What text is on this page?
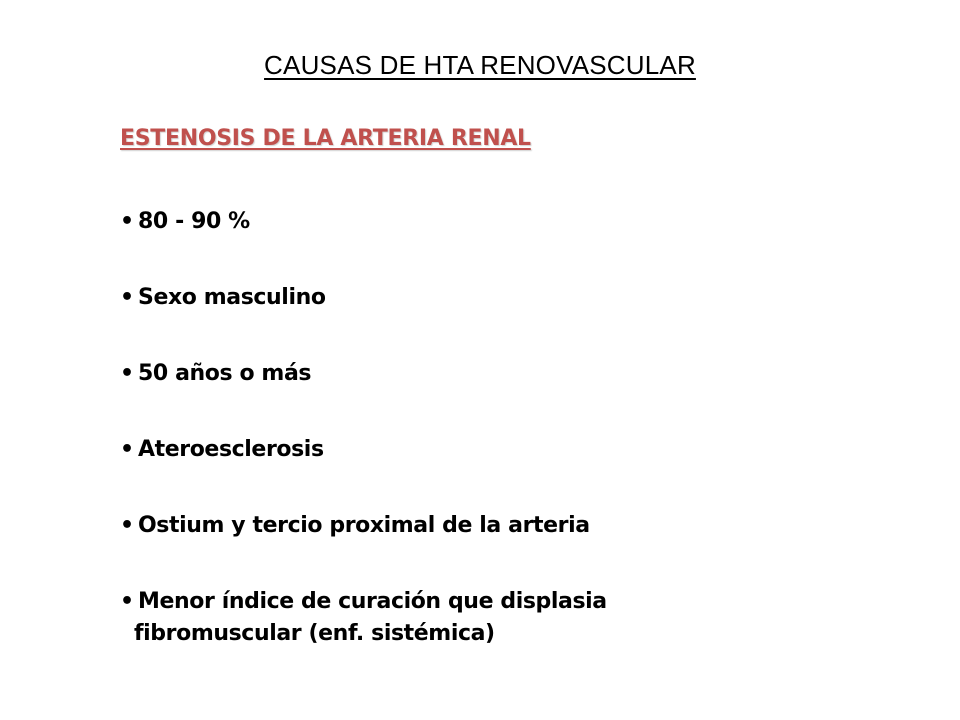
CAUSAS DE HTA RENOVASCULAR
ESTENOSIS DE LA ARTERIA RENAL
• 80 - 90 %
• Sexo masculino
• 50 años o más
• Ateroesclerosis
• Ostium y tercio proximal de la arteria
• Menor índice de curación que displasia
fibromuscular (enf. sistémica)
